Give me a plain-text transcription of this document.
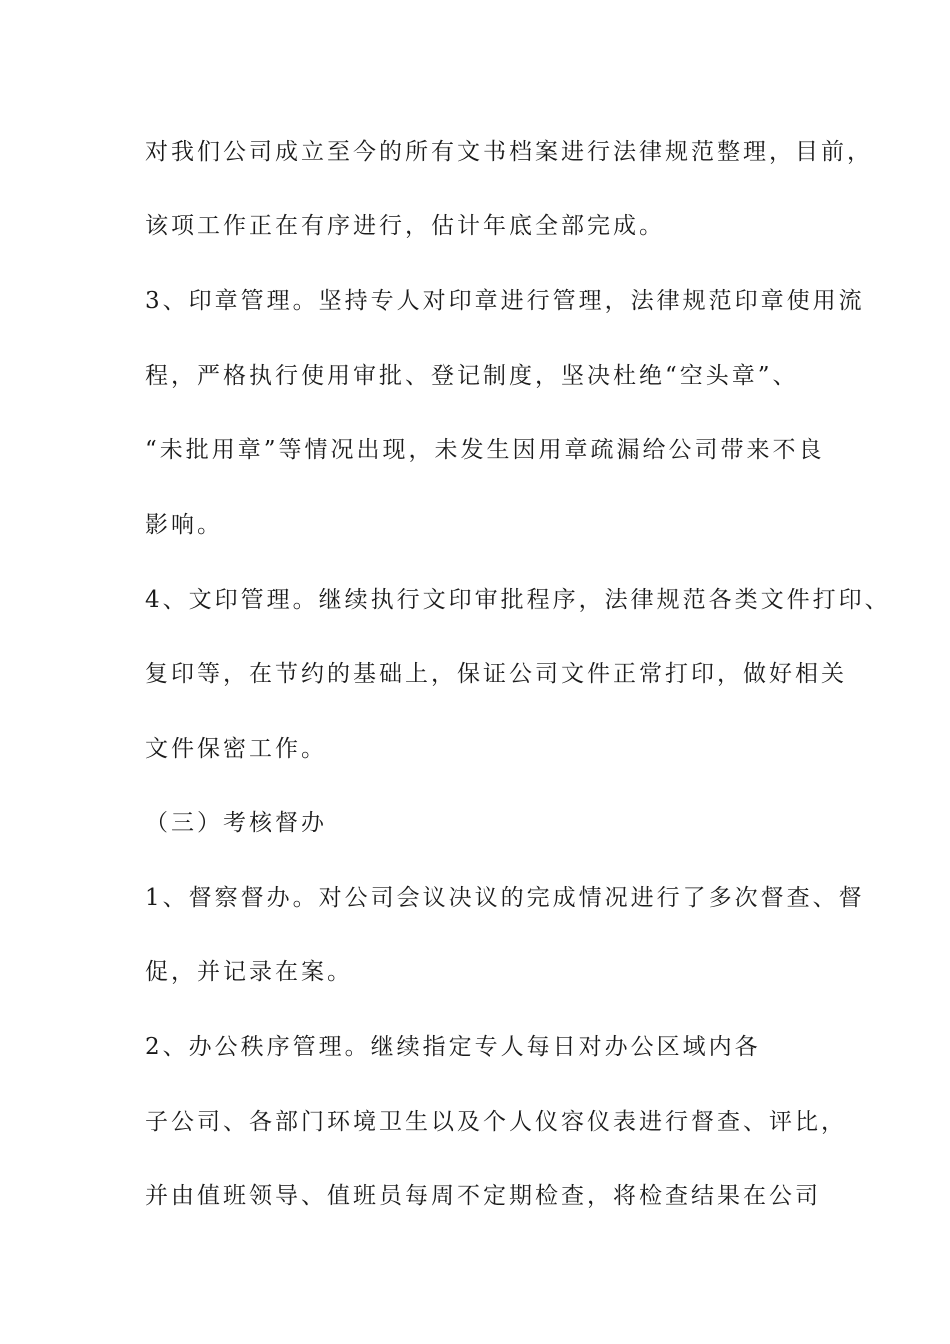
对我们公司成立至今的所有文书档案进行法律规范整理，目前，
该项工作正在有序进行，估计年底全部完成。
3、印章管理。坚持专人对印章进行管理，法律规范印章使用流
程，严格执行使用审批、登记制度，坚决杜绝“空头章”、
“未批用章”等情况出现，未发生因用章疏漏给公司带来不良
影响。
4、文印管理。继续执行文印审批程序，法律规范各类文件打印、
复印等，在节约的基础上，保证公司文件正常打印，做好相关
文件保密工作。
（三）考核督办
1、督察督办。对公司会议决议的完成情况进行了多次督查、督
促，并记录在案。
2、办公秩序管理。继续指定专人每日对办公区域内各
子公司、各部门环境卫生以及个人仪容仪表进行督查、评比，
并由值班领导、值班员每周不定期检查，将检查结果在公司
